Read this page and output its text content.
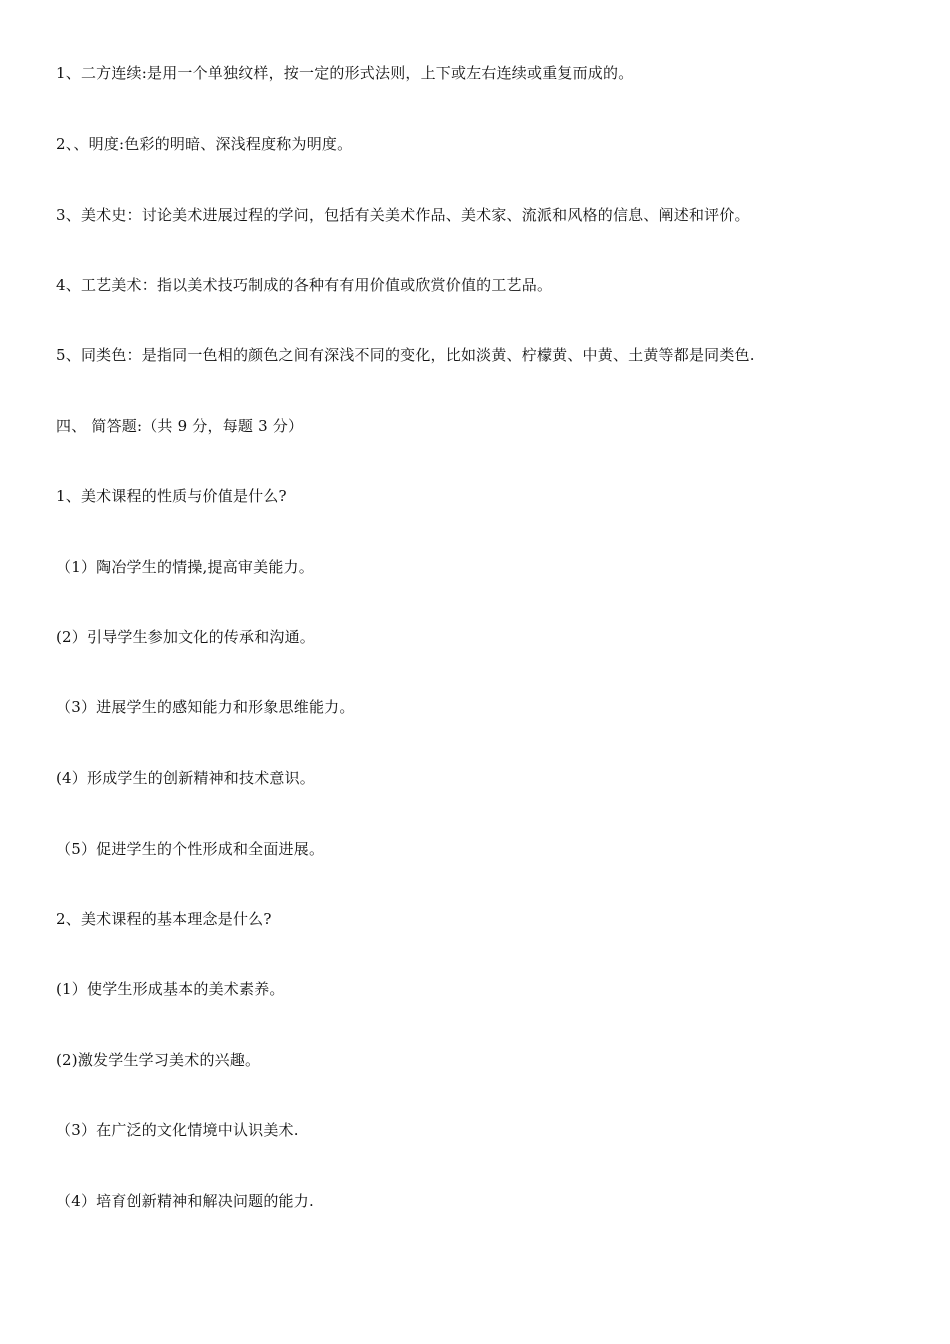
1、二方连续:是用一个单独纹样，按一定的形式法则，上下或左右连续或重复而成的。
2、、明度:色彩的明暗、深浅程度称为明度。
3、美术史：讨论美术进展过程的学问，包括有关美术作品、美术家、流派和风格的信息、阐述和评价。
4、工艺美术：指以美术技巧制成的各种有有用价值或欣赏价值的工艺品。
5、同类色：是指同一色相的颜色之间有深浅不同的变化，比如淡黄、柠檬黄、中黄、土黄等都是同类色.
四、 简答题:（共 9 分，每题 3 分）
1、美术课程的性质与价值是什么?
（1）陶冶学生的情操,提高审美能力。
(2）引导学生参加文化的传承和沟通。
（3）进展学生的感知能力和形象思维能力。
(4）形成学生的创新精神和技术意识。
（5）促进学生的个性形成和全面进展。
2、美术课程的基本理念是什么?
(1）使学生形成基本的美术素养。
(2)激发学生学习美术的兴趣。
（3）在广泛的文化情境中认识美术.
（4）培育创新精神和解决问题的能力.
